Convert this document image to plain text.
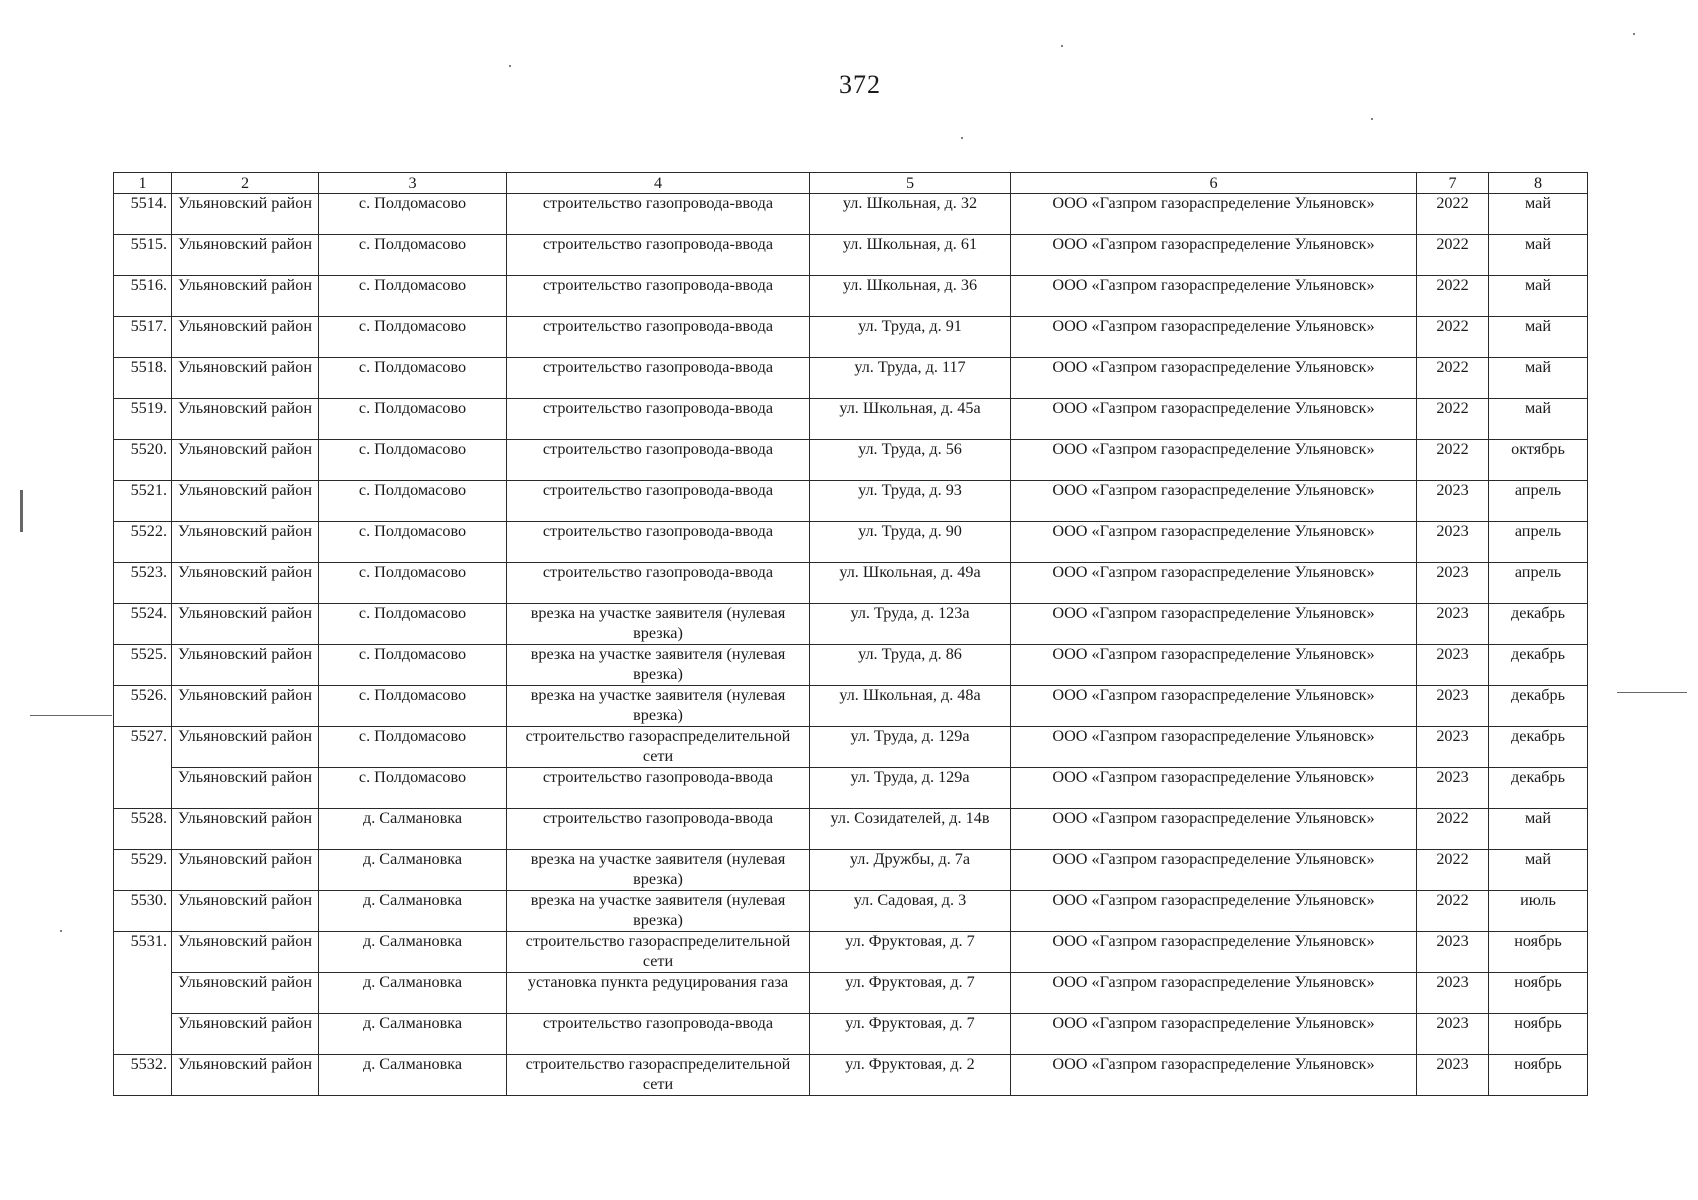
372
1	2	3	4	5	6	7	8
5514.	Ульяновский район	с. Полдомасово	строительство газопровода-ввода	ул. Школьная, д. 32	ООО «Газпром газораспределение Ульяновск»	2022	май
5515.	Ульяновский район	с. Полдомасово	строительство газопровода-ввода	ул. Школьная, д. 61	ООО «Газпром газораспределение Ульяновск»	2022	май
5516.	Ульяновский район	с. Полдомасово	строительство газопровода-ввода	ул. Школьная, д. 36	ООО «Газпром газораспределение Ульяновск»	2022	май
5517.	Ульяновский район	с. Полдомасово	строительство газопровода-ввода	ул. Труда, д. 91	ООО «Газпром газораспределение Ульяновск»	2022	май
5518.	Ульяновский район	с. Полдомасово	строительство газопровода-ввода	ул. Труда, д. 117	ООО «Газпром газораспределение Ульяновск»	2022	май
5519.	Ульяновский район	с. Полдомасово	строительство газопровода-ввода	ул. Школьная, д. 45а	ООО «Газпром газораспределение Ульяновск»	2022	май
5520.	Ульяновский район	с. Полдомасово	строительство газопровода-ввода	ул. Труда, д. 56	ООО «Газпром газораспределение Ульяновск»	2022	октябрь
5521.	Ульяновский район	с. Полдомасово	строительство газопровода-ввода	ул. Труда, д. 93	ООО «Газпром газораспределение Ульяновск»	2023	апрель
5522.	Ульяновский район	с. Полдомасово	строительство газопровода-ввода	ул. Труда, д. 90	ООО «Газпром газораспределение Ульяновск»	2023	апрель
5523.	Ульяновский район	с. Полдомасово	строительство газопровода-ввода	ул. Школьная, д. 49а	ООО «Газпром газораспределение Ульяновск»	2023	апрель
5524.	Ульяновский район	с. Полдомасово	врезка на участке заявителя (нулевая врезка)	ул. Труда, д. 123а	ООО «Газпром газораспределение Ульяновск»	2023	декабрь
5525.	Ульяновский район	с. Полдомасово	врезка на участке заявителя (нулевая врезка)	ул. Труда, д. 86	ООО «Газпром газораспределение Ульяновск»	2023	декабрь
5526.	Ульяновский район	с. Полдомасово	врезка на участке заявителя (нулевая врезка)	ул. Школьная, д. 48а	ООО «Газпром газораспределение Ульяновск»	2023	декабрь
5527.	Ульяновский район	с. Полдомасово	строительство газораспределительной сети	ул. Труда, д. 129а	ООО «Газпром газораспределение Ульяновск»	2023	декабрь
	Ульяновский район	с. Полдомасово	строительство газопровода-ввода	ул. Труда, д. 129а	ООО «Газпром газораспределение Ульяновск»	2023	декабрь
5528.	Ульяновский район	д. Салмановка	строительство газопровода-ввода	ул. Созидателей, д. 14в	ООО «Газпром газораспределение Ульяновск»	2022	май
5529.	Ульяновский район	д. Салмановка	врезка на участке заявителя (нулевая врезка)	ул. Дружбы, д. 7а	ООО «Газпром газораспределение Ульяновск»	2022	май
5530.	Ульяновский район	д. Салмановка	врезка на участке заявителя (нулевая врезка)	ул. Садовая, д. 3	ООО «Газпром газораспределение Ульяновск»	2022	июль
5531.	Ульяновский район	д. Салмановка	строительство газораспределительной сети	ул. Фруктовая, д. 7	ООО «Газпром газораспределение Ульяновск»	2023	ноябрь
	Ульяновский район	д. Салмановка	установка пункта редуцирования газа	ул. Фруктовая, д. 7	ООО «Газпром газораспределение Ульяновск»	2023	ноябрь
	Ульяновский район	д. Салмановка	строительство газопровода-ввода	ул. Фруктовая, д. 7	ООО «Газпром газораспределение Ульяновск»	2023	ноябрь
5532.	Ульяновский район	д. Салмановка	строительство газораспределительной сети	ул. Фруктовая, д. 2	ООО «Газпром газораспределение Ульяновск»	2023	ноябрь
